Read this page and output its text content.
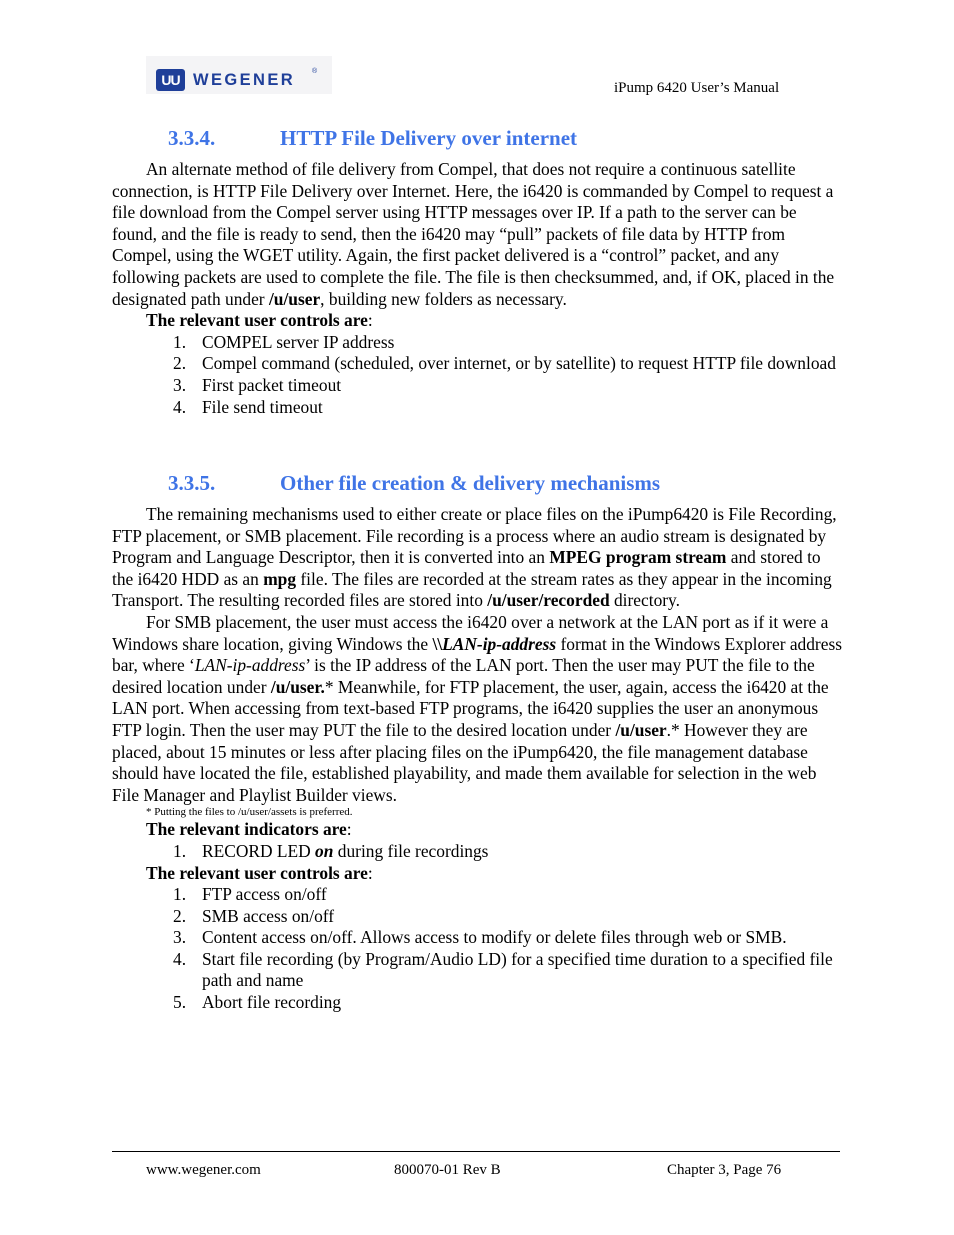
UU WEGENER ®
iPump 6420 User’s Manual
3.3.4.	HTTP File Delivery over internet

An alternate method of file delivery from Compel, that does not require a continuous satellite connection, is HTTP File Delivery over Internet. Here, the i6420 is commanded by Compel to request a file download from the Compel server using HTTP messages over IP. If a path to the server can be found, and the file is ready to send, then the i6420 may “pull” packets of file data by HTTP from Compel, using the WGET utility. Again, the first packet delivered is a “control” packet, and any following packets are used to complete the file. The file is then checksummed, and, if OK, placed in the designated path under /u/user, building new folders as necessary.

The relevant user controls are:
1. COMPEL server IP address
2. Compel command (scheduled, over internet, or by satellite) to request HTTP file download
3. First packet timeout
4. File send timeout
3.3.5.	Other file creation & delivery mechanisms

The remaining mechanisms used to either create or place files on the iPump6420 is File Recording, FTP placement, or SMB placement. File recording is a process where an audio stream is designated by Program and Language Descriptor, then it is converted into an MPEG program stream and stored to the i6420 HDD as an mpg file. The files are recorded at the stream rates as they appear in the incoming Transport. The resulting recorded files are stored into /u/user/recorded directory.

For SMB placement, the user must access the i6420 over a network at the LAN port as if it were a Windows share location, giving Windows the \\LAN-ip-address format in the Windows Explorer address bar, where ‘LAN-ip-address’ is the IP address of the LAN port. Then the user may PUT the file to the desired location under /u/user.* Meanwhile, for FTP placement, the user, again, access the i6420 at the LAN port. When accessing from text-based FTP programs, the i6420 supplies the user an anonymous FTP login. Then the user may PUT the file to the desired location under /u/user.* However they are placed, about 15 minutes or less after placing files on the iPump6420, the file management database should have located the file, established playability, and made them available for selection in the web File Manager and Playlist Builder views.

* Putting the files to /u/user/assets is preferred.
The relevant indicators are:
1. RECORD LED on during file recordings
The relevant user controls are:
1. FTP access on/off
2. SMB access on/off
3. Content access on/off. Allows access to modify or delete files through web or SMB.
4. Start file recording (by Program/Audio LD) for a specified time duration to a specified file path and name
5. Abort file recording
www.wegener.com	800070-01 Rev B	Chapter 3, Page 76
